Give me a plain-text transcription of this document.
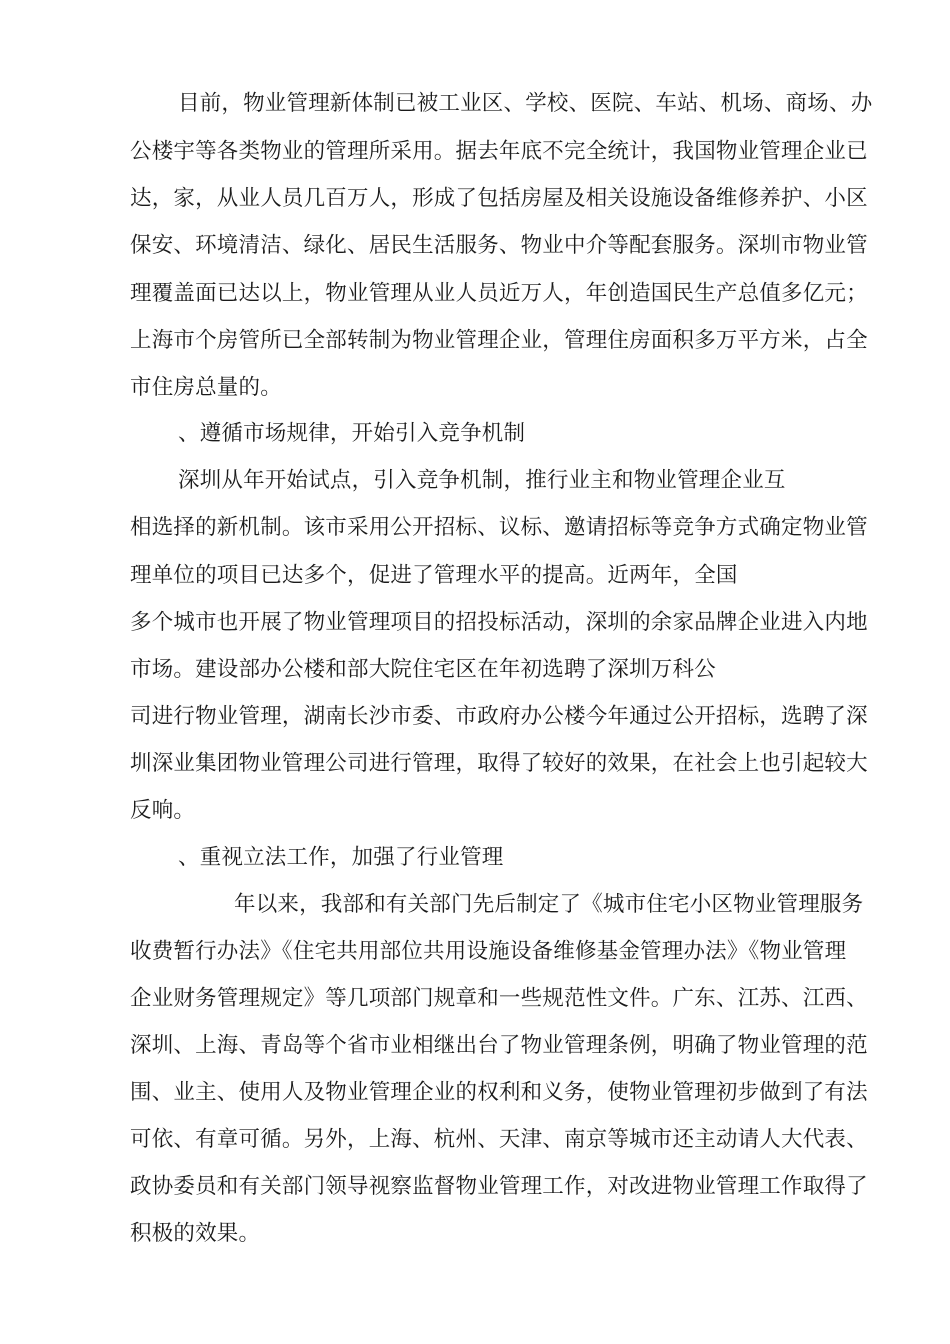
目前，物业管理新体制已被工业区、学校、医院、车站、机场、商场、办
公楼宇等各类物业的管理所采用。据去年底不完全统计，我国物业管理企业已
达，家，从业人员几百万人，形成了包括房屋及相关设施设备维修养护、小区
保安、环境清洁、绿化、居民生活服务、物业中介等配套服务。深圳市物业管
理覆盖面已达以上，物业管理从业人员近万人，年创造国民生产总值多亿元；
上海市个房管所已全部转制为物业管理企业，管理住房面积多万平方米，占全
市住房总量的。
、遵循市场规律，开始引入竞争机制
深圳从年开始试点，引入竞争机制，推行业主和物业管理企业互
相选择的新机制。该市采用公开招标、议标、邀请招标等竞争方式确定物业管
理单位的项目已达多个，促进了管理水平的提高。近两年，全国
多个城市也开展了物业管理项目的招投标活动，深圳的余家品牌企业进入内地
市场。建设部办公楼和部大院住宅区在年初选聘了深圳万科公
司进行物业管理，湖南长沙市委、市政府办公楼今年通过公开招标，选聘了深
圳深业集团物业管理公司进行管理，取得了较好的效果，在社会上也引起较大
反响。
、重视立法工作，加强了行业管理
年以来，我部和有关部门先后制定了《城市住宅小区物业管理服务
收费暂行办法》《住宅共用部位共用设施设备维修基金管理办法》《物业管理
企业财务管理规定》等几项部门规章和一些规范性文件。广东、江苏、江西、
深圳、上海、青岛等个省市业相继出台了物业管理条例，明确了物业管理的范
围、业主、使用人及物业管理企业的权利和义务，使物业管理初步做到了有法
可依、有章可循。另外，上海、杭州、天津、南京等城市还主动请人大代表、
政协委员和有关部门领导视察监督物业管理工作，对改进物业管理工作取得了
积极的效果。
